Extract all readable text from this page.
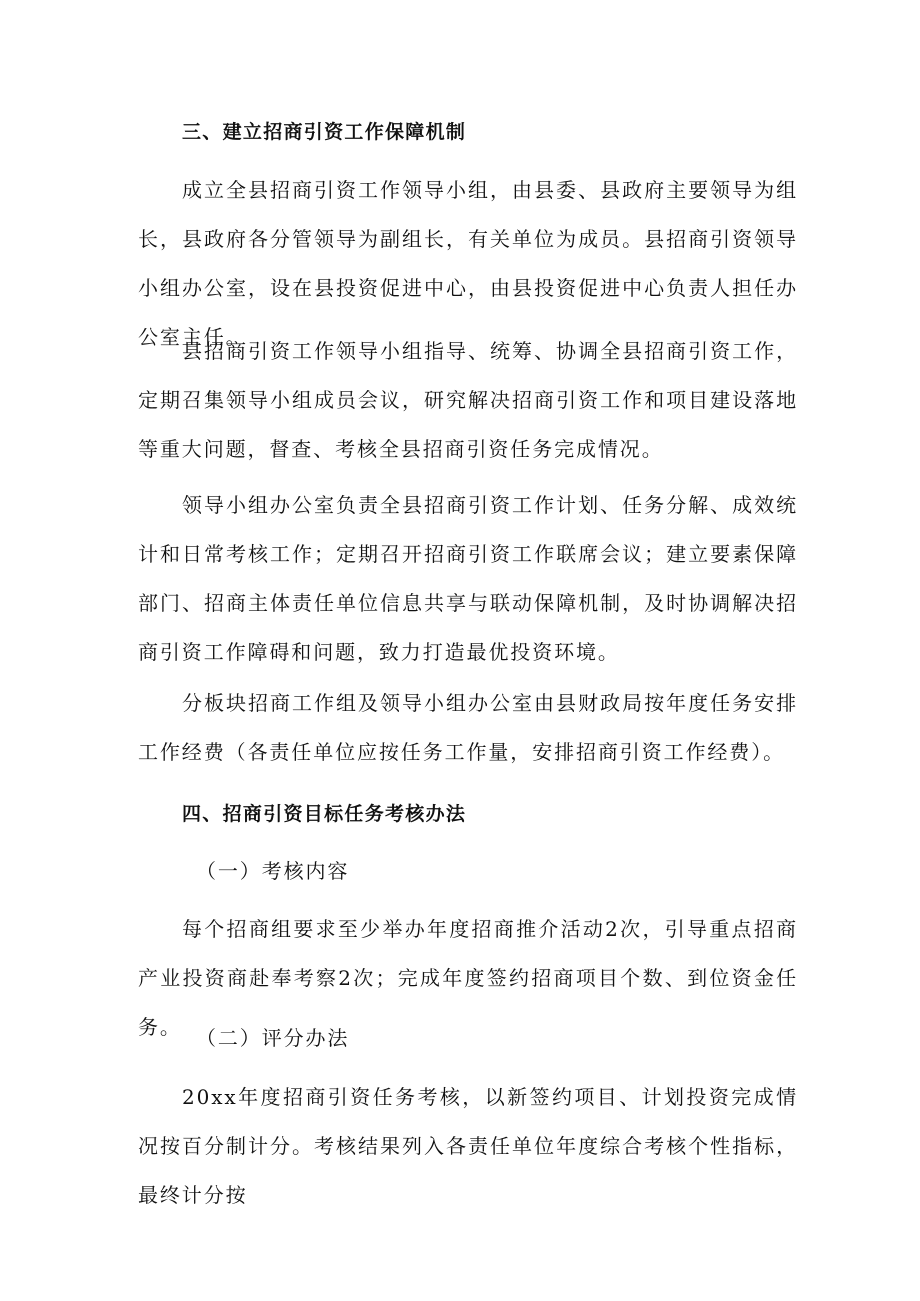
三、建立招商引资工作保障机制

成立全县招商引资工作领导小组，由县委、县政府主要领导为组长，县政府各分管领导为副组长，有关单位为成员。县招商引资领导小组办公室，设在县投资促进中心，由县投资促进中心负责人担任办公室主任。

县招商引资工作领导小组指导、统筹、协调全县招商引资工作，定期召集领导小组成员会议，研究解决招商引资工作和项目建设落地等重大问题，督查、考核全县招商引资任务完成情况。

领导小组办公室负责全县招商引资工作计划、任务分解、成效统计和日常考核工作；定期召开招商引资工作联席会议；建立要素保障部门、招商主体责任单位信息共享与联动保障机制，及时协调解决招商引资工作障碍和问题，致力打造最优投资环境。

分板块招商工作组及领导小组办公室由县财政局按年度任务安排工作经费（各责任单位应按任务工作量，安排招商引资工作经费）。

四、招商引资目标任务考核办法

（一）考核内容

每个招商组要求至少举办年度招商推介活动2次，引导重点招商产业投资商赴奉考察2次；完成年度签约招商项目个数、到位资金任务。 （二）评分办法

20xx年度招商引资任务考核，以新签约项目、计划投资完成情况按百分制计分。考核结果列入各责任单位年度综合考核个性指标，最终计分按
